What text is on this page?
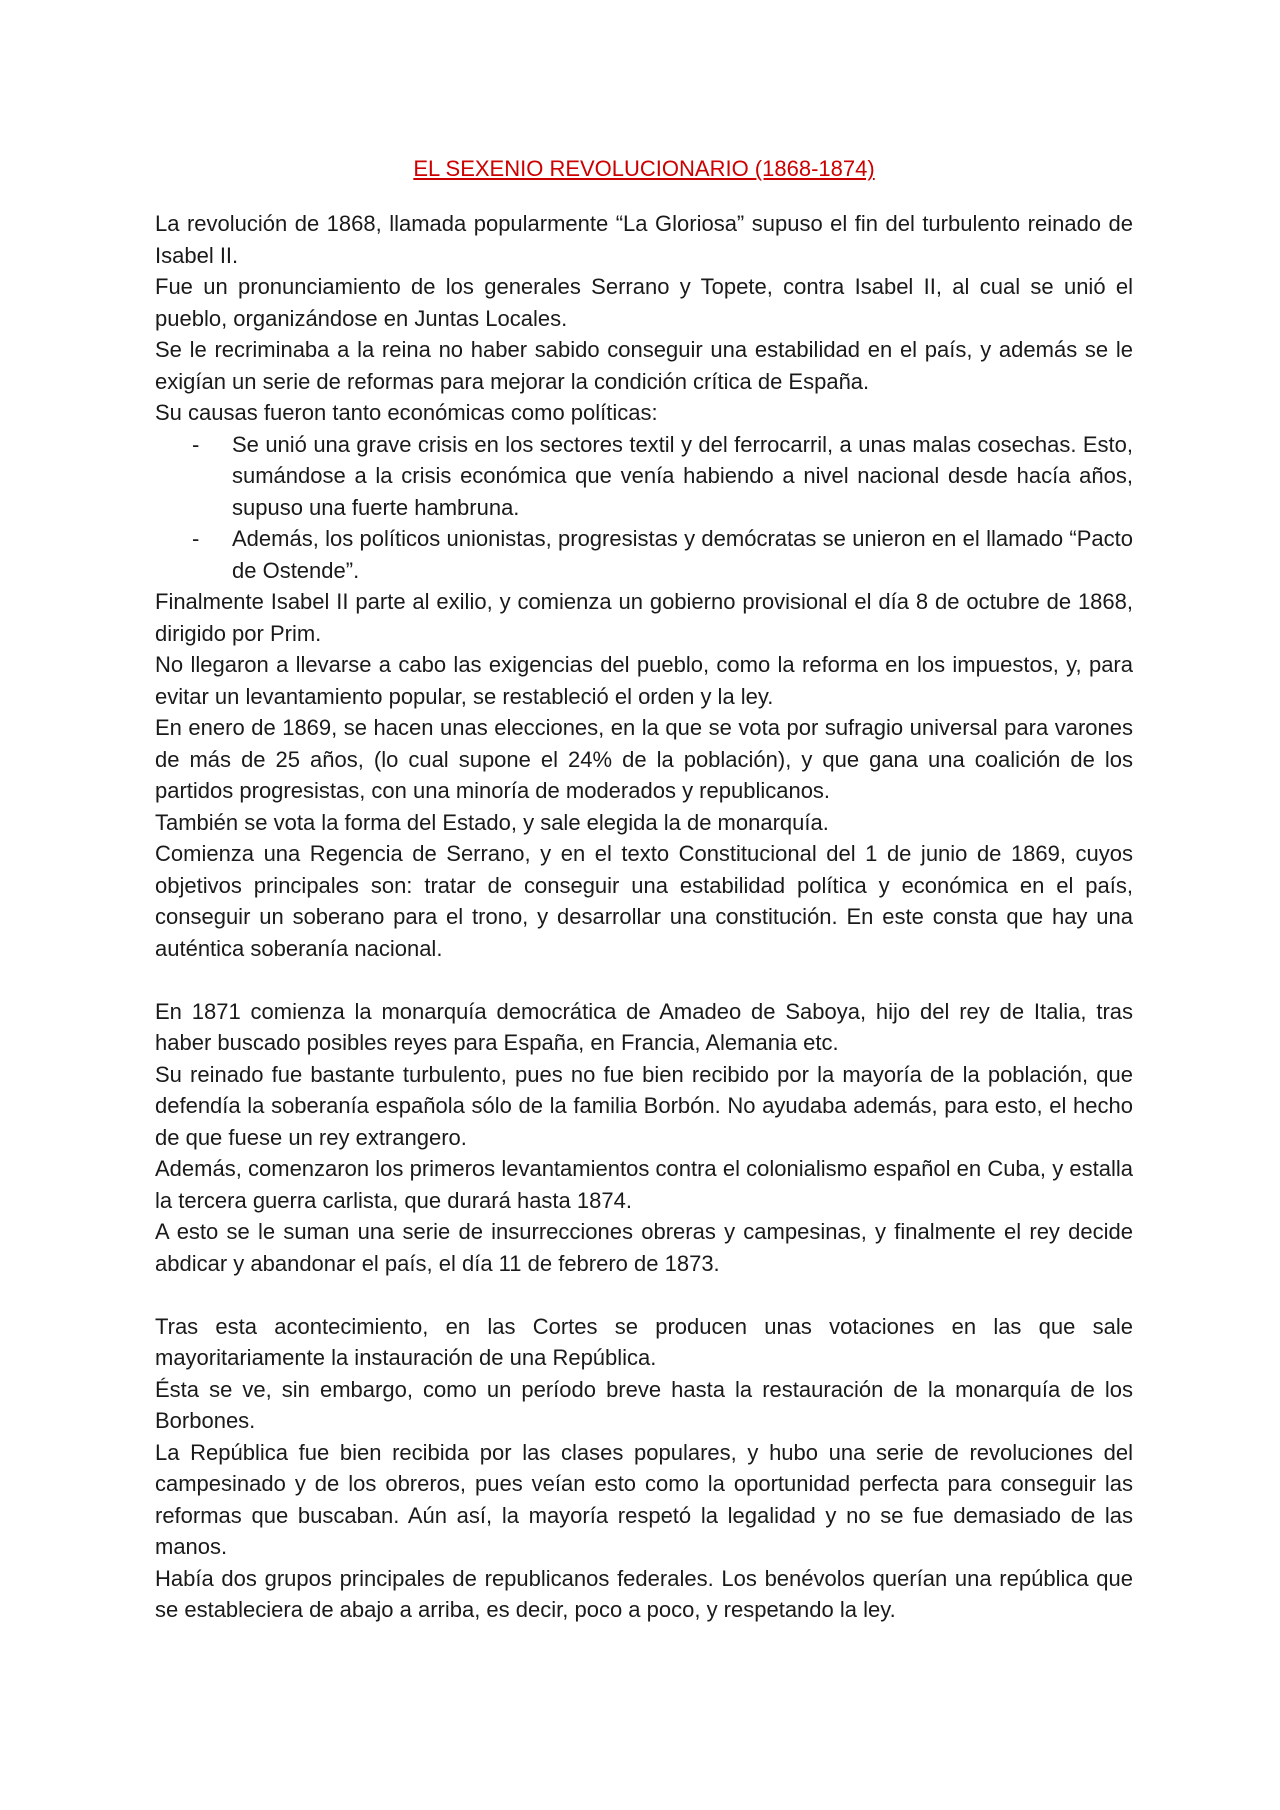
EL SEXENIO REVOLUCIONARIO (1868-1874)

La revolución de 1868, llamada popularmente “La Gloriosa” supuso el fin del turbulento reinado de Isabel II.

Fue un pronunciamiento de los generales Serrano y Topete, contra Isabel II, al cual se unió el pueblo, organizándose en Juntas Locales.

Se le recriminaba a la reina no haber sabido conseguir una estabilidad en el país, y además se le exigían un serie de reformas para mejorar la condición crítica de España.

Su causas fueron tanto económicas como políticas:

- Se unió una grave crisis en los sectores textil y del ferrocarril, a unas malas cosechas. Esto, sumándose a la crisis económica que venía habiendo a nivel nacional desde hacía años, supuso una fuerte hambruna.
- Además, los políticos unionistas, progresistas y demócratas se unieron en el llamado “Pacto de Ostende”.

Finalmente Isabel II parte al exilio, y comienza un gobierno provisional el día 8 de octubre de 1868, dirigido por Prim.

No llegaron a llevarse a cabo las exigencias del pueblo, como la reforma en los impuestos, y, para evitar un levantamiento popular, se restableció el orden y la ley.

En enero de 1869, se hacen unas elecciones, en la que se vota por sufragio universal para varones de más de 25 años, (lo cual supone el 24% de la población), y que gana una coalición de los partidos progresistas, con una minoría de moderados y republicanos.

También se vota la forma del Estado, y sale elegida la de monarquía.

Comienza una Regencia de Serrano, y en el texto Constitucional del 1 de junio de 1869, cuyos objetivos principales son: tratar de conseguir una estabilidad política y económica en el país, conseguir un soberano para el trono, y desarrollar una constitución. En este consta que hay una auténtica soberanía nacional.

En 1871 comienza la monarquía democrática de Amadeo de Saboya, hijo del rey de Italia, tras haber buscado posibles reyes para España, en Francia, Alemania etc.

Su reinado fue bastante turbulento, pues no fue bien recibido por la mayoría de la población, que defendía la soberanía española sólo de la familia Borbón. No ayudaba además, para esto, el hecho de que fuese un rey extrangero.

Además, comenzaron los primeros levantamientos contra el colonialismo español en Cuba, y estalla la tercera guerra carlista, que durará hasta 1874.

A esto se le suman una serie de insurrecciones obreras y campesinas, y finalmente el rey decide abdicar y abandonar el país, el día 11 de febrero de 1873.

Tras esta acontecimiento, en las Cortes se producen unas votaciones en las que sale mayoritariamente la instauración de una República.

Ésta se ve, sin embargo, como un período breve hasta la restauración de la monarquía de los Borbones.

La República fue bien recibida por las clases populares, y hubo una serie de revoluciones del campesinado y de los obreros, pues veían esto como la oportunidad perfecta para conseguir las reformas que buscaban. Aún así, la mayoría respetó la legalidad y no se fue demasiado de las manos.

Había dos grupos principales de republicanos federales. Los benévolos querían una república que se estableciera de abajo a arriba, es decir, poco a poco, y respetando la ley.
